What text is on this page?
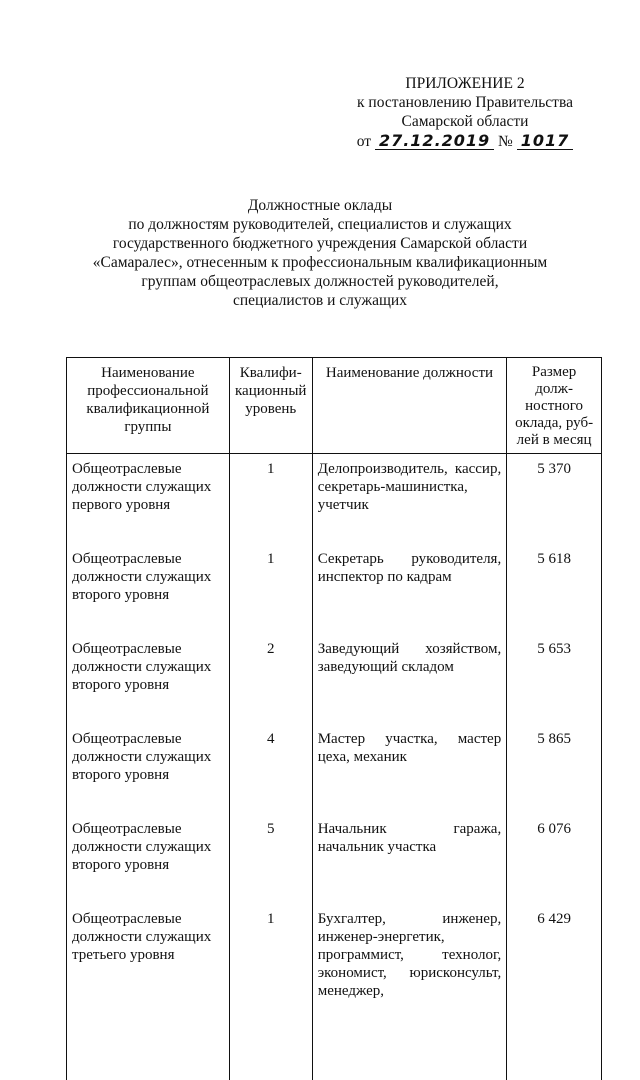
ПРИЛОЖЕНИЕ 2
к постановлению Правительства
Самарской области
от 27.12.2019 № 1017
Должностные оклады
по должностям руководителей, специалистов и служащих
государственного бюджетного учреждения Самарской области
«Самаралес», отнесенным к профессиональным квалификационным
группам общеотраслевых должностей руководителей,
специалистов и служащих
Наименование профессиональной квалификационной группы	Квалифи-кационный уровень	Наименование должности	Размер долж-ностного оклада, руб-лей в месяц
Общеотраслевые должности служащих первого уровня	1	Делопроизводитель, кассир, секретарь-машинистка, учетчик	5 370
Общеотраслевые должности служащих второго уровня	1	Секретарь руководителя, инспектор по кадрам	5 618
Общеотраслевые должности служащих второго уровня	2	Заведующий хозяйством, заведующий складом	5 653
Общеотраслевые должности служащих второго уровня	4	Мастер участка, мастер цеха, механик	5 865
Общеотраслевые должности служащих второго уровня	5	Начальник гаража, начальник участка	6 076
Общеотраслевые должности служащих третьего уровня	1	Бухгалтер, инженер, инженер-энергетик, программист, технолог, экономист, юрисконсульт, менеджер,	6 429
